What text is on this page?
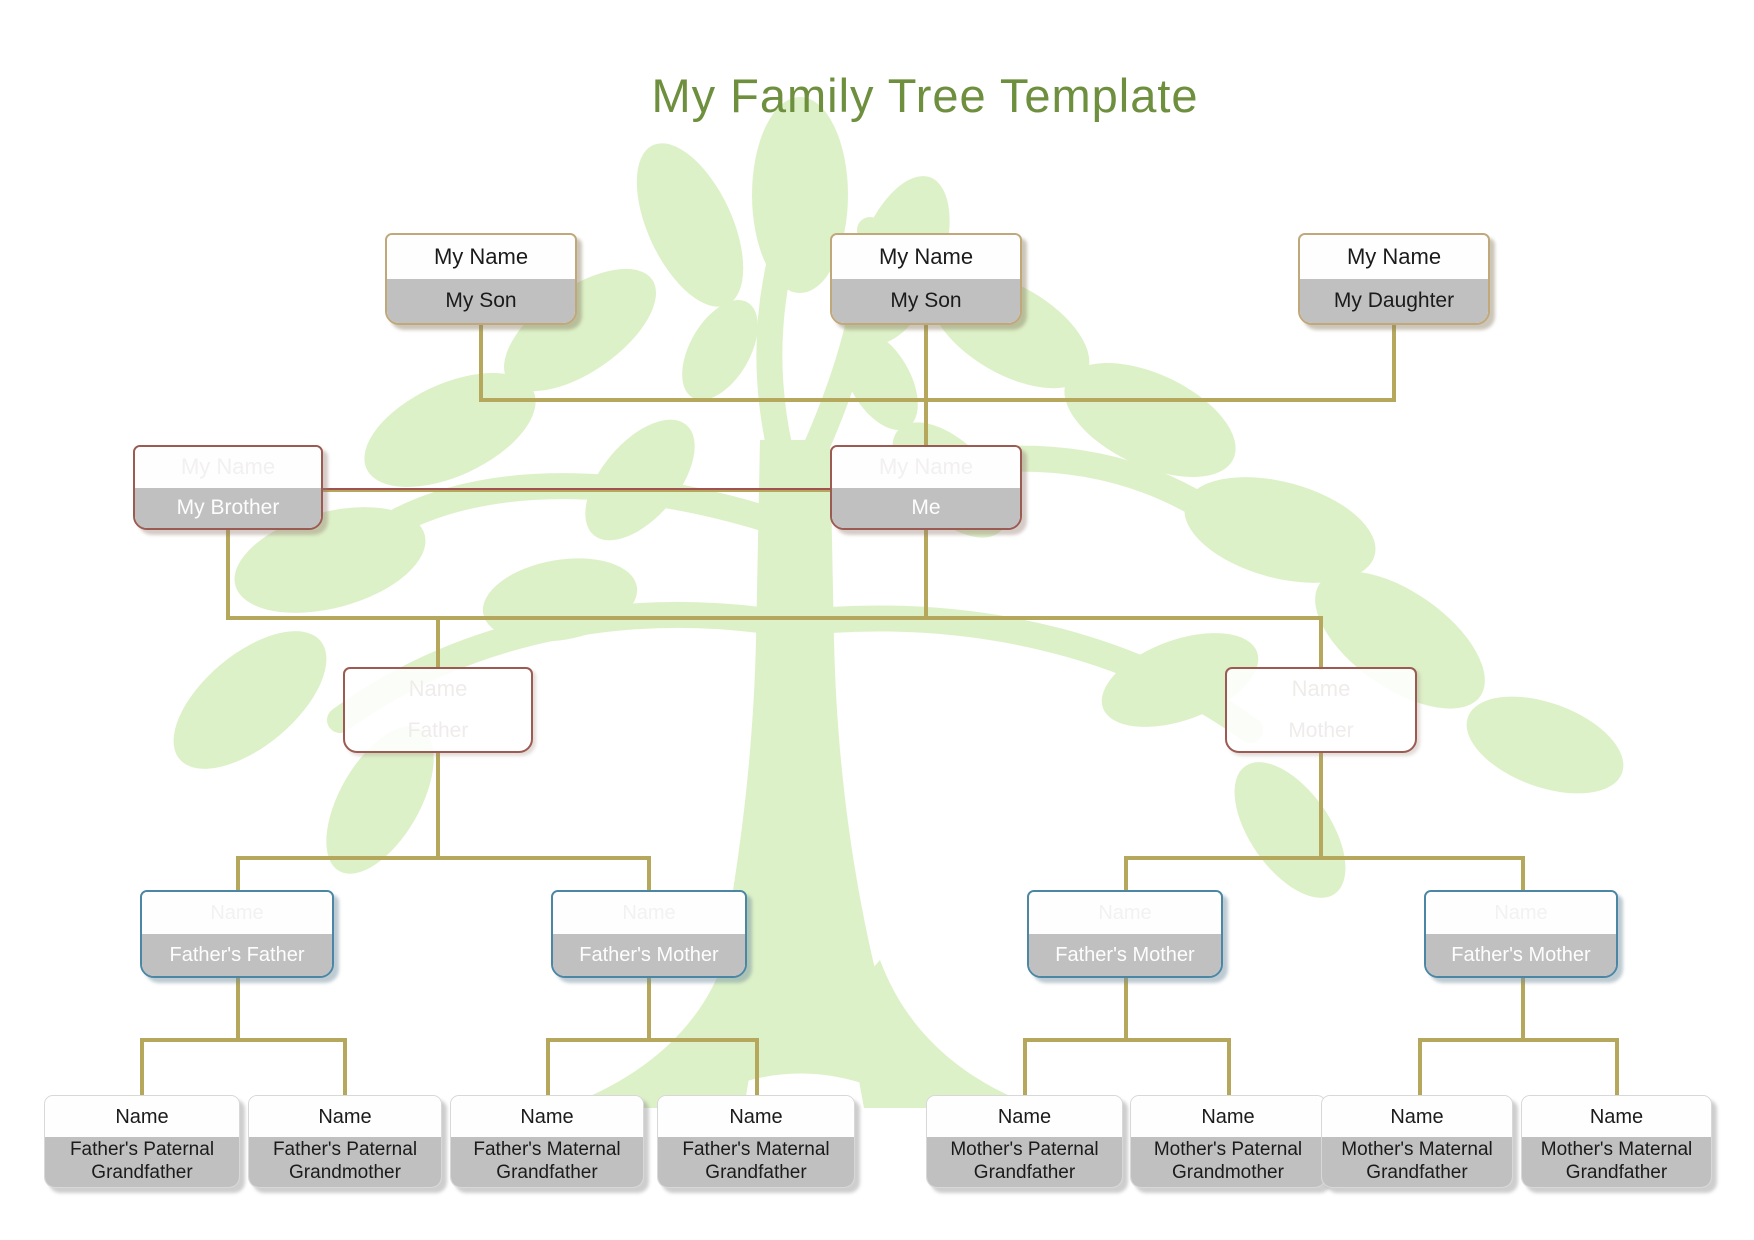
My Family Tree Template
My Name
My Son
My Name
My Son
My Name
My Daughter
My Name
My Brother
My Name
Me
Name
Father
Name
Mother
Name
Father's Father
Name
Father's Mother
Name
Father's Mother
Name
Father's Mother
Name
Father's Paternal Grandfather
Name
Father's Paternal Grandmother
Name
Father's Maternal Grandfather
Name
Father's Maternal Grandfather
Name
Mother's Paternal Grandfather
Name
Mother's Paternal Grandmother
Name
Mother's Maternal Grandfather
Name
Mother's Maternal Grandfather
